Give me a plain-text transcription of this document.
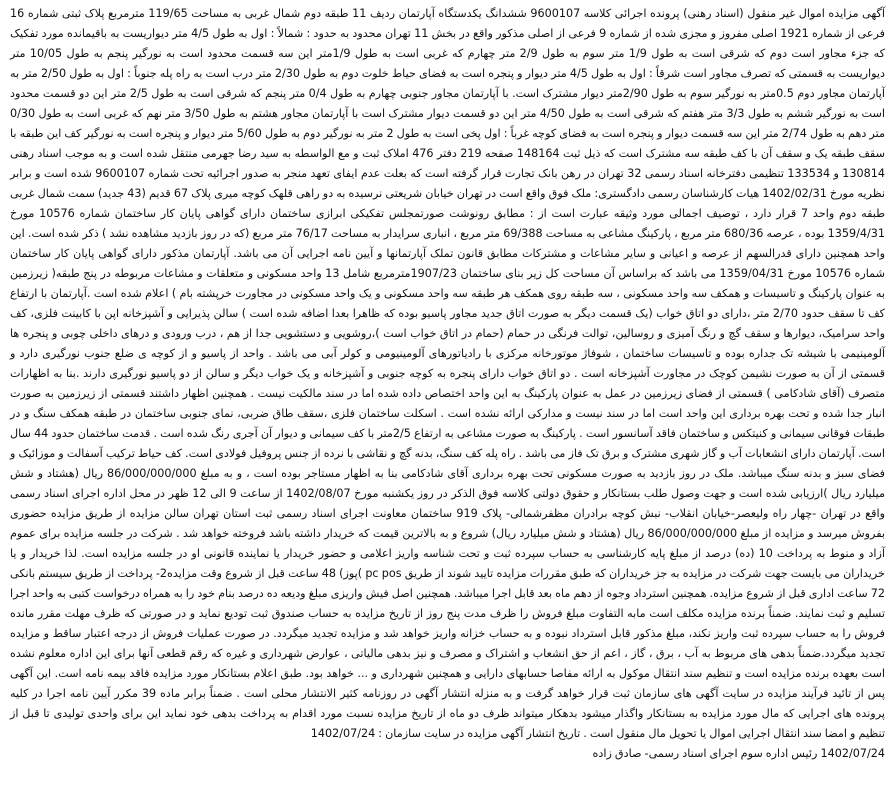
آگهی مزایده اموال غیر منقول (اسناد رهنی) پرونده اجرائی کلاسه 9600107 ششدانگ یکدستگاه آپارتمان ردیف 11 طبقه دوم شمال غربی به مساحت 119/65 مترمربع پلاک ثبتی شماره 16 فرعی از شماره 1921 اصلی مفروز و مجزی شده از شماره 9 فرعی از اصلی مذکور واقع در بخش 11 تهران محدود به حدود : شمالاً : اول به طول 4/5 متر دیواریست به باقیمانده مورد تفکیک که جزء مجاور است دوم که شرقی است به طول 1/9 متر سوم به طول 2/9 متر چهارم که غربی است به طول 1/9متر این سه قسمت محدود است به نورگیر پنجم به طول 10/05 متر دیواریست به قسمتی که تصرف مجاور است شرقاً : اول به طول 4/5 متر دیوار و پنجره است به فضای حیاط خلوت دوم به طول 2/30 متر درب است به راه پله جنوباً : اول به طول 2/50 متر به آپارتمان مجاور دوم 0.5متر به نورگیر سوم به طول 2/90متر دیوار مشترک است. با آپارتمان مجاور جنوبی چهارم به طول 0/4 متر پنجم که شرقی است به طول 2/5 متر این دو قسمت محدود است به نورگیر ششم به طول 3/3 متر هفتم که شرقی است به طول 4/50 متر این دو قسمت دیوار مشترک است با آپارتمان مجاور هشتم به طول 3/50 متر نهم که غربی است به طول 0/30 متر دهم به طول 2/74 متر این سه قسمت دیوار و پنجره است به فضای کوچه غرباً : اول پخی است به طول 2 متر به نورگیر دوم به طول 5/60 متر دیوار و پنجره است به نورگیر کف این طبقه با سقف طبقه یک و سقف آن با کف طبقه سه مشترک است که ذیل ثبت 148164 صفحه 219 دفتر 476 املاک ثبت و مع الواسطه به سید رضا جهرمی منتقل شده است و به موجب اسناد رهنی 130814 و 133534 تنظیمی دفترخانه اسناد رسمی 32 تهران در رهن بانک تجارت قرار گرفته است که بعلت عدم ایفای تعهد منجر به صدور اجرائیه تحت شماره 9600107 شده است و برابر نظریه مورخ 1402/02/31 هیات کارشناسان رسمی دادگستری: ملک فوق واقع است در تهران خیابان شریعتی نرسیده به دو راهی قلهک کوچه میری پلاک 67 قدیم (43 جدید) سمت شمال غربی طبقه دوم واحد 7 قرار دارد ، توصیف اجمالی مورد وثیقه عبارت است از : مطابق رونوشت صورتمجلس تفکیکی ابرازی ساختمان دارای گواهی پایان کار ساختمان شماره 10576 مورخ 1359/4/31 بوده ، عرصه 680/36 متر مربع ، پارکینگ مشاعی به مساحت 69/388 متر مربع ، انباری سرایدار به مساحت 76/17 متر مربع (که در روز بازدید مشاهده نشد ) ذکر شده است. این واحد همچنین دارای قدرالسهم از عرصه و اعیانی و سایر مشاعات و مشترکات مطابق قانون تملک آپارتمانها و آیین نامه اجرایی آن می باشد. آپارتمان مذکور دارای گواهی پایان کار ساختمان شماره 10576 مورخ 1359/04/31 می باشد که براساس آن مساحت کل زیر بنای ساختمان 1907/23مترمربع شامل 13 واحد مسکونی و متعلقات و مشاعات مربوطه در پنج طبقه( زیرزمین به عنوان پارکینگ و تاسیسات و همکف سه واحد مسکونی ، سه طبقه روی همکف هر طبقه سه واحد مسکونی و یک واحد مسکونی در مجاورت خرپشته بام ) اعلام شده است .آپارتمان با ارتفاع کف تا سقف حدود 2/70 متر ،دارای دو اتاق خواب (یک قسمت دیگر به صورت اتاق جدید مجاور پاسیو بوده که ظاهرا بعدا اضافه شده است ) سالن پذیرایی و آشپزخانه اپن با کابینت فلزی، کف واحد سرامیک، دیوارها و سقف گچ و رنگ آمیزی و روسالین، توالت فرنگی در حمام (حمام در اتاق خواب است )،روشویی و دستشویی جدا از هم ، درب ورودی و درهای داخلی چوبی و پنجره ها آلومینیمی با شیشه تک جداره بوده و تاسیسات ساختمان ، شوفاژ موتورخانه مرکزی با رادیاتورهای آلومینیومی و کولر آبی می باشد . واحد از پاسیو و از کوچه ی ضلع جنوب نورگیری دارد و قسمتی از آن به صورت نشیمن کوچک در مجاورت آشپزخانه است . دو اتاق خواب دارای پنجره به کوچه جنوبی و آشپزخانه و یک خواب دیگر و سالن از دو پاسیو نورگیری دارند .بنا به اظهارات متصرف (آقای شادکامی ) قسمتی از فضای زیرزمین در عمل به عنوان پارکینگ به این واحد اختصاص داده شده اما در سند مالکیت نیست . همچنین اظهار داشتند قسمتی از زیرزمین به صورت انبار جدا شده و تحت بهره برداری این واحد است اما در سند نیست و مدارکی ارائه نشده است . اسکلت ساختمان فلزی ،سقف طاق ضربی، نمای جنوبی ساختمان در طبقه همکف سنگ و در طبقات فوقانی سیمانی و کنیتکس و ساختمان فاقد آسانسور است . پارکینگ به صورت مشاعی به ارتفاع 2/5متر با کف سیمانی و دیوار آن آجری رنگ شده است . قدمت ساختمان حدود 44 سال است. آپارتمان دارای انشعابات آب و گاز شهری مشترک و برق تک فاز می باشد . راه پله کف سنگ، بدنه گچ و نقاشی با نرده از جنس پروفیل فولادی است. کف حیاط ترکیب آسفالت و موزائیک و فضای سبز و بدنه سنگ میباشد. ملک در روز بازدید به صورت مسکونی تحت بهره برداری آقای شادکامی بنا به اظهار مستاجر بوده است ، و به مبلغ 86/000/000/000 ریال (هشتاد و شش میلیارد ریال )ارزیابی شده است و جهت وصول طلب بستانکار و حقوق دولتی کلاسه فوق الذکر در روز یکشنبه مورخ 1402/08/07 از ساعت 9 الی 12 ظهر در محل اداره اجرای اسناد رسمی واقع در تهران -چهار راه ولیعصر-خیابان انقلاب- نبش کوچه برادران مظفرشمالی- پلاک 919 ساختمان معاونت اجرای اسناد رسمی ثبت استان تهران سالن مزایده از طریق مزایده حضوری بفروش میرسد و مزایده از مبلغ 86/000/000/000 ریال (هشتاد و شش میلیارد ریال) شروع و به بالاترین قیمت که خریدار داشته باشد فروخته خواهد شد . شرکت در جلسه مزایده برای عموم آزاد و منوط به پرداخت 10 (ده) درصد از مبلغ پایه کارشناسی به حساب سپرده ثبت و تحت شناسه واریز اعلامی و حضور خریدار یا نماینده قانونی او در جلسه مزایده است. لذا خریدار و یا خریداران می بایست جهت شرکت در مزایده به جز خریداران که طبق مقررات مزایده تایید شوند از طریق pc pos )پوز) 48 ساعت قبل از شروع وقت مزایده2- پرداخت از طریق سیستم بانکی 72 ساعت اداری قبل از شروع مزایده. همچنین استرداد وجوه از دهم ماه بعد قابل اجرا میباشد. همچنین اصل فیش واریزی مبلغ ودیعه ده درصد بنام خود را به همراه درخواست کتبی به واحد اجرا تسلیم و ثبت نمایند. ضمناً برنده مزایده مکلف است مابه التفاوت مبلغ فروش را ظرف مدت پنج روز از تاریخ مزایده به حساب صندوق ثبت تودیع نماید و در صورتی که ظرف مهلت مقرر مانده فروش را به حساب سپرده ثبت واریز نکند، مبلغ مذکور قابل استرداد نبوده و به حساب خزانه واریز خواهد شد و مزایده تجدید میگردد. در صورت عملیات فروش از درجه اعتبار ساقط و مزایده تجدید میگردد.ضمناً بدهی های مربوط به آب ، برق ، گاز ، اعم از حق انشعاب و اشتراک و مصرف و نیز بدهی مالیاتی ، عوارض شهرداری و غیره که رقم قطعی آنها برای این اداره معلوم نشده است بعهده برنده مزایده است و تنظیم سند انتقال موکول به ارائه مفاصا حسابهای دارایی و همچنین شهرداری و ... خواهد بود. طبق اعلام بستانکار مورد مزایده فاقد بیمه نامه است. این آگهی پس از تائید فرآیند مزایده در سایت آگهی های سازمان ثبت قرار خواهد گرفت و به منزله انتشار آگهی در روزنامه کثیر الانتشار محلی است . ضمناً برابر ماده 39 مکرر آیین نامه اجرا در کلیه پرونده های اجرایی که مال مورد مزایده به بستانکار واگذار میشود بدهکار میتواند ظرف دو ماه از تاریخ مزایده نسبت مورد اقدام به پرداخت بدهی خود نماید این برای واحدی تولیدی تا قبل از تنظیم و امضا سند انتقال اجرایی اموال یا تحویل مال منقول است . تاریخ انتشار آگهی مزایده در سایت سازمان : 1402/07/24

1402/07/24 رئیس اداره سوم اجرای اسناد رسمی- صادق زاده
